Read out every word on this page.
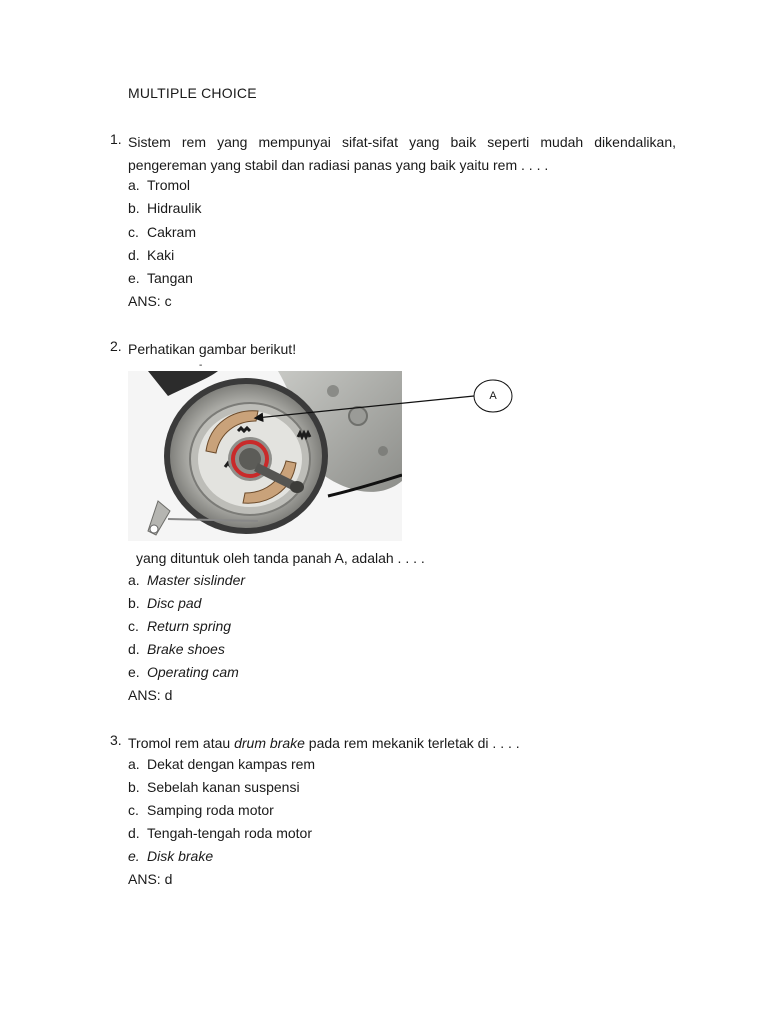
MULTIPLE CHOICE
1. Sistem rem yang mempunyai sifat-sifat yang baik seperti mudah dikendalikan, pengereman yang stabil dan radiasi panas yang baik yaitu rem . . . .
a. Tromol
b. Hidraulik
c. Cakram
d. Kaki
e. Tangan
ANS: c
2. Perhatikan gambar berikut!
-
A
yang dituntuk oleh tanda panah A, adalah . . . .
a. Master sislinder
b. Disc pad
c. Return spring
d. Brake shoes
e. Operating cam
ANS: d
3. Tromol rem atau drum brake pada rem mekanik terletak di . . . .
a. Dekat dengan kampas rem
b. Sebelah kanan suspensi
c. Samping roda motor
d. Tengah-tengah roda motor
e. Disk brake
ANS: d
